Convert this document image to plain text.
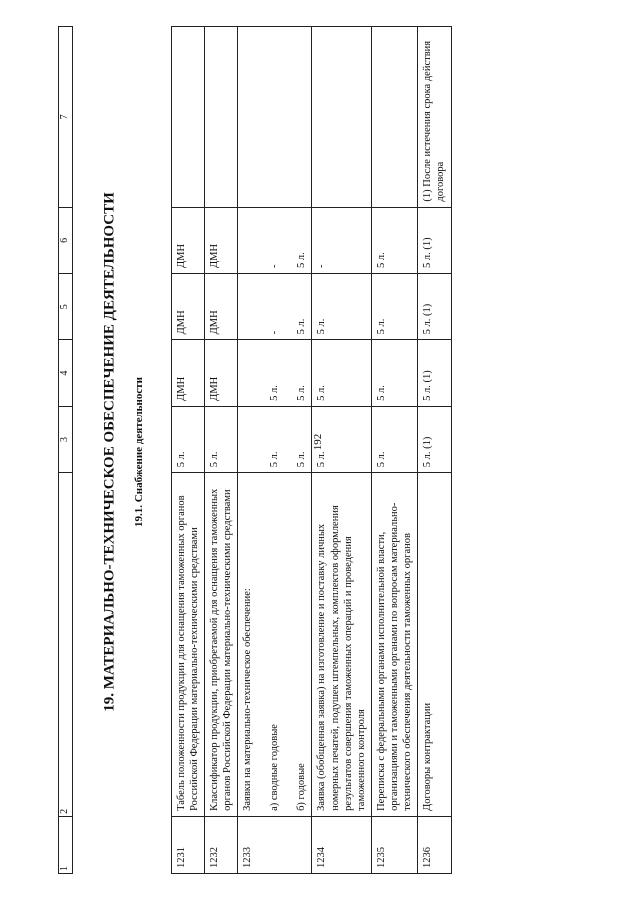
192
19. МАТЕРИАЛЬНО-ТЕХНИЧЕСКОЕ ОБЕСПЕЧЕНИЕ ДЕЯТЕЛЬНОСТИ 19.1. Снабжение деятельности
1	2	3	4	5	6	7

1231	Табель положенности продукции для оснащения таможенных органов Российской Федерации материально-техническими средствами	5 л.	ДМН	ДМН	ДМН	
1232	Классификатор продукции, приобретаемой для оснащения таможенных органов Российской Федерации материально-техническими средствами	5 л.	ДМН	ДМН	ДМН	
1233	Заявки на материально-техническое обеспечение: а) сводные годовые б) годовые	5 л. 5 л.	5 л. 5 л.	- 5 л.	- 5 л.	

1234	Заявка (обобщенная заявка) на изготовление и поставку личных номерных печатей, подушек штемпельных, комплектов оформления результатов совершения таможенных операций и проведения таможенного контроля	5 л.	5 л.	5 л.	-	
1235	Переписка с федеральными органами исполнительной власти, организациями и таможенными органами по вопросам материально-технического обеспечения деятельности таможенных органов	5 л.	5 л.	5 л.	5 л.	
1236	Договоры контрактации	5 л. (1)	5 л. (1)	5 л. (1)	5 л. (1)	(1) После истечения срока действия договора
